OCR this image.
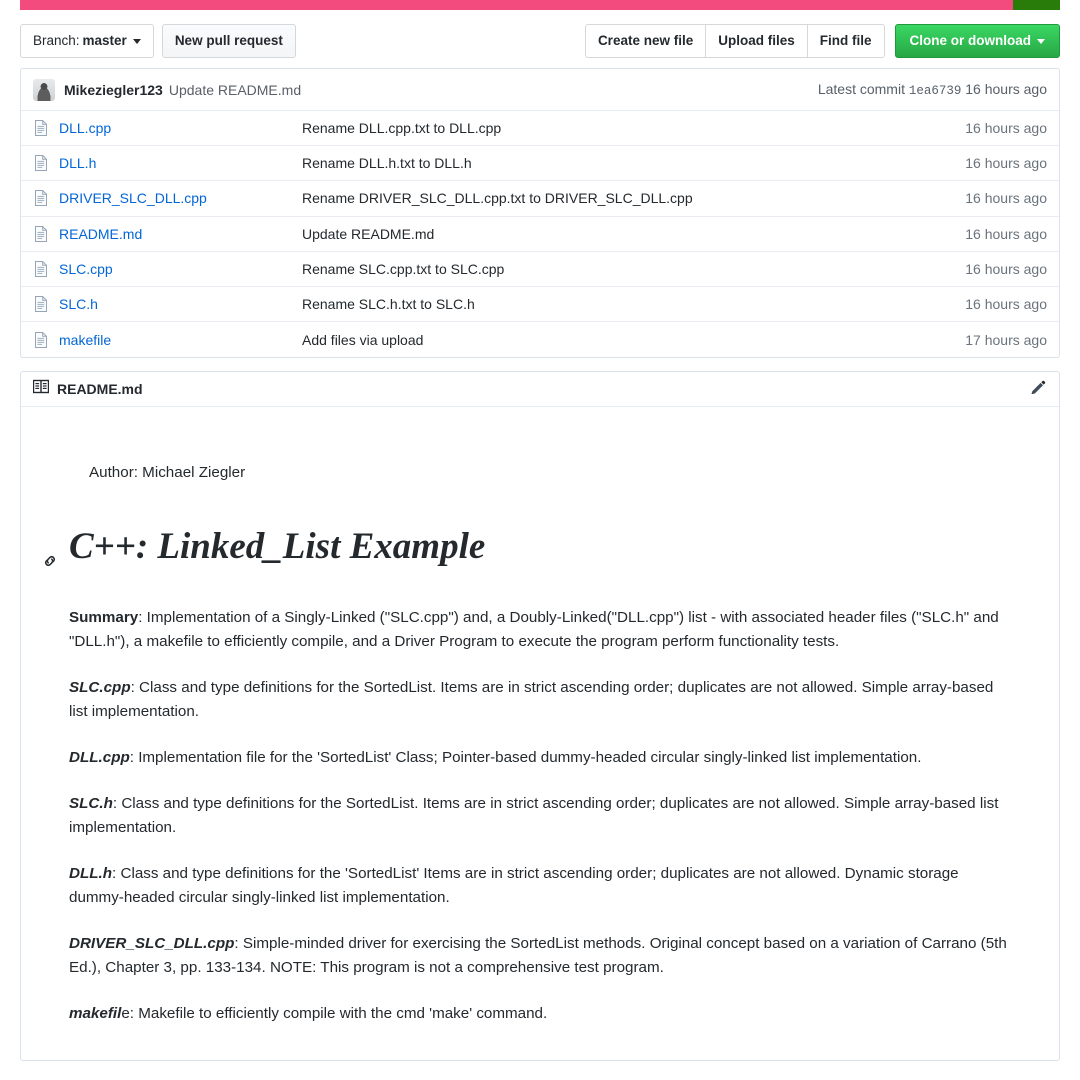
Branch: master	New pull request	Create new file	Upload files	Find file	Clone or download
Mikeziegler123 Update README.md	Latest commit 1ea6739 16 hours ago
DLL.cpp	Rename DLL.cpp.txt to DLL.cpp	16 hours ago
DLL.h	Rename DLL.h.txt to DLL.h	16 hours ago
DRIVER_SLC_DLL.cpp	Rename DRIVER_SLC_DLL.cpp.txt to DRIVER_SLC_DLL.cpp	16 hours ago
README.md	Update README.md	16 hours ago
SLC.cpp	Rename SLC.cpp.txt to SLC.cpp	16 hours ago
SLC.h	Rename SLC.h.txt to SLC.h	16 hours ago
makefile	Add files via upload	17 hours ago
README.md

Author: Michael Ziegler

C++: Linked_List Example

Summary: Implementation of a Singly-Linked ("SLC.cpp") and, a Doubly-Linked("DLL.cpp") list - with associated header files ("SLC.h" and "DLL.h"), a makefile to efficiently compile, and a Driver Program to execute the program perform functionality tests.

SLC.cpp: Class and type definitions for the SortedList. Items are in strict ascending order; duplicates are not allowed. Simple array-based list implementation.

DLL.cpp: Implementation file for the 'SortedList' Class; Pointer-based dummy-headed circular singly-linked list implementation.

SLC.h: Class and type definitions for the SortedList. Items are in strict ascending order; duplicates are not allowed. Simple array-based list implementation.

DLL.h: Class and type definitions for the 'SortedList' Items are in strict ascending order; duplicates are not allowed. Dynamic storage dummy-headed circular singly-linked list implementation.

DRIVER_SLC_DLL.cpp: Simple-minded driver for exercising the SortedList methods. Original concept based on a variation of Carrano (5th Ed.), Chapter 3, pp. 133-134. NOTE: This program is not a comprehensive test program.

makefile: Makefile to efficiently compile with the cmd 'make' command.
